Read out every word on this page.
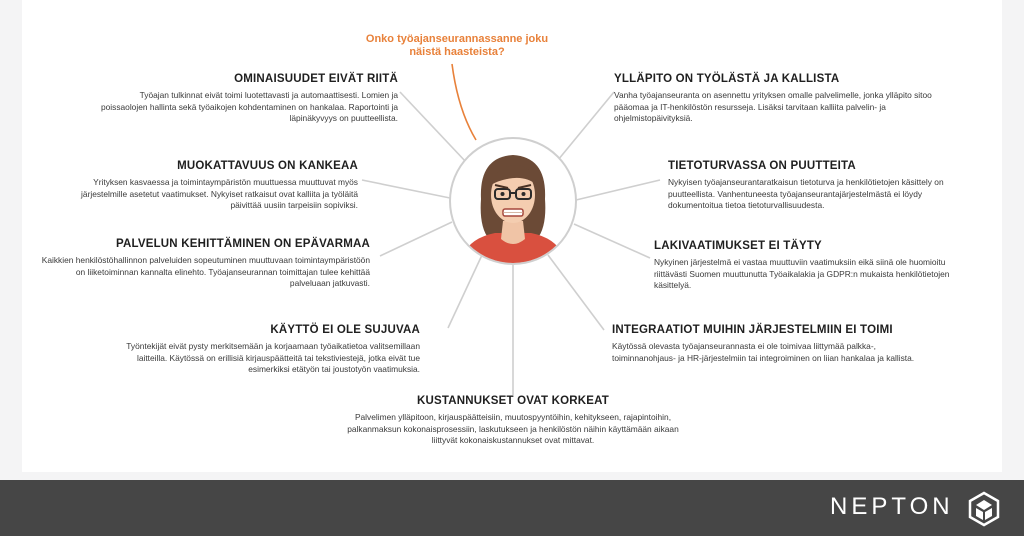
Onko työajanseurannassanne joku näistä haasteista?
OMINAISUUDET EIVÄT RIITÄ

Työajan tulkinnat eivät toimi luotettavasti ja automaattisesti. Lomien ja poissaolojen hallinta sekä työaikojen kohdentaminen on hankalaa. Raportointi ja läpinäkyvyys on puutteellista.

MUOKATTAVUUS ON KANKEAA

Yrityksen kasvaessa ja toimintaympäristön muuttuessa muuttuvat myös järjestelmille asetetut vaatimukset. Nykyiset ratkaisut ovat kalliita ja työläitä päivittää uusiin tarpeisiin sopiviksi.

PALVELUN KEHITTÄMINEN ON EPÄVARMAA

Kaikkien henkilöstöhallinnon palveluiden sopeutuminen muuttuvaan toimintaympäristöön on liiketoiminnan kannalta elinehto. Työajanseurannan toimittajan tulee kehittää palveluaan jatkuvasti.

KÄYTTÖ EI OLE SUJUVAA

Työntekijät eivät pysty merkitsemään ja korjaamaan työaikatietoa valitsemillaan laitteilla. Käytössä on erillisiä kirjauspäätteitä tai tekstiviestejä, jotka eivät tue esimerkiksi etätyön tai joustotyön vaatimuksia.

KUSTANNUKSET OVAT KORKEAT

Palvelimen ylläpitoon, kirjauspäätteisiin, muutospyyntöihin, kehitykseen, rajapintoihin, palkanmaksun kokonaisprosessiin, laskutukseen ja henkilöstön näihin käyttämään aikaan liittyvät kokonaiskustannukset ovat mittavat.

YLLÄPITO ON TYÖLÄSTÄ JA KALLISTA

Vanha työajanseuranta on asennettu yrityksen omalle palvelimelle, jonka ylläpito sitoo pääomaa ja IT-henkilöstön resursseja. Lisäksi tarvitaan kalliita palvelin- ja ohjelmistopäivityksiä.

TIETOTURVASSA ON PUUTTEITA

Nykyisen työajanseurantaratkaisun tietoturva ja henkilötietojen käsittely on puutteellista. Vanhentuneesta työajanseurantajärjestelmästä ei löydy dokumentoitua tietoa tietoturvallisuudesta.

LAKIVAATIMUKSET EI TÄYTY

Nykyinen järjestelmä ei vastaa muuttuviin vaatimuksiin eikä siinä ole huomioitu riittävästi Suomen muuttunutta Työaikalakia ja GDPR:n mukaista henkilötietojen käsittelyä.

INTEGRAATIOT MUIHIN JÄRJESTELMIIN EI TOIMI

Käytössä olevasta työajanseurannasta ei ole toimivaa liittymää palkka-, toiminnanohjaus- ja HR-järjestelmiin tai integroiminen on liian hankalaa ja kallista.

NEPTON
